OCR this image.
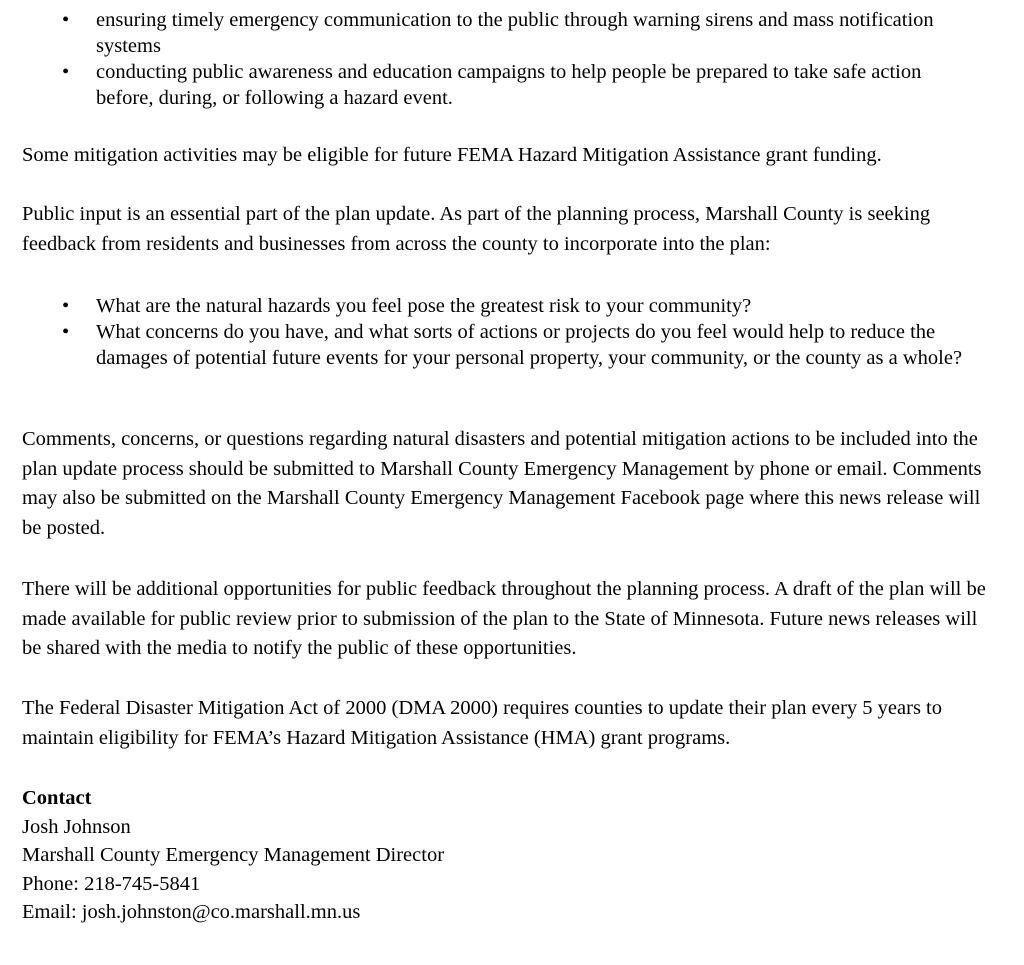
• ensuring timely emergency communication to the public through warning sirens and mass notification systems
• conducting public awareness and education campaigns to help people be prepared to take safe action before, during, or following a hazard event.

Some mitigation activities may be eligible for future FEMA Hazard Mitigation Assistance grant funding.

Public input is an essential part of the plan update. As part of the planning process, Marshall County is seeking feedback from residents and businesses from across the county to incorporate into the plan:

• What are the natural hazards you feel pose the greatest risk to your community?
• What concerns do you have, and what sorts of actions or projects do you feel would help to reduce the damages of potential future events for your personal property, your community, or the county as a whole?

Comments, concerns, or questions regarding natural disasters and potential mitigation actions to be included into the plan update process should be submitted to Marshall County Emergency Management by phone or email. Comments may also be submitted on the Marshall County Emergency Management Facebook page where this news release will be posted.

There will be additional opportunities for public feedback throughout the planning process. A draft of the plan will be made available for public review prior to submission of the plan to the State of Minnesota. Future news releases will be shared with the media to notify the public of these opportunities.

The Federal Disaster Mitigation Act of 2000 (DMA 2000) requires counties to update their plan every 5 years to maintain eligibility for FEMA’s Hazard Mitigation Assistance (HMA) grant programs.

Contact
Josh Johnson
Marshall County Emergency Management Director
Phone: 218-745-5841
Email: josh.johnston@co.marshall.mn.us
